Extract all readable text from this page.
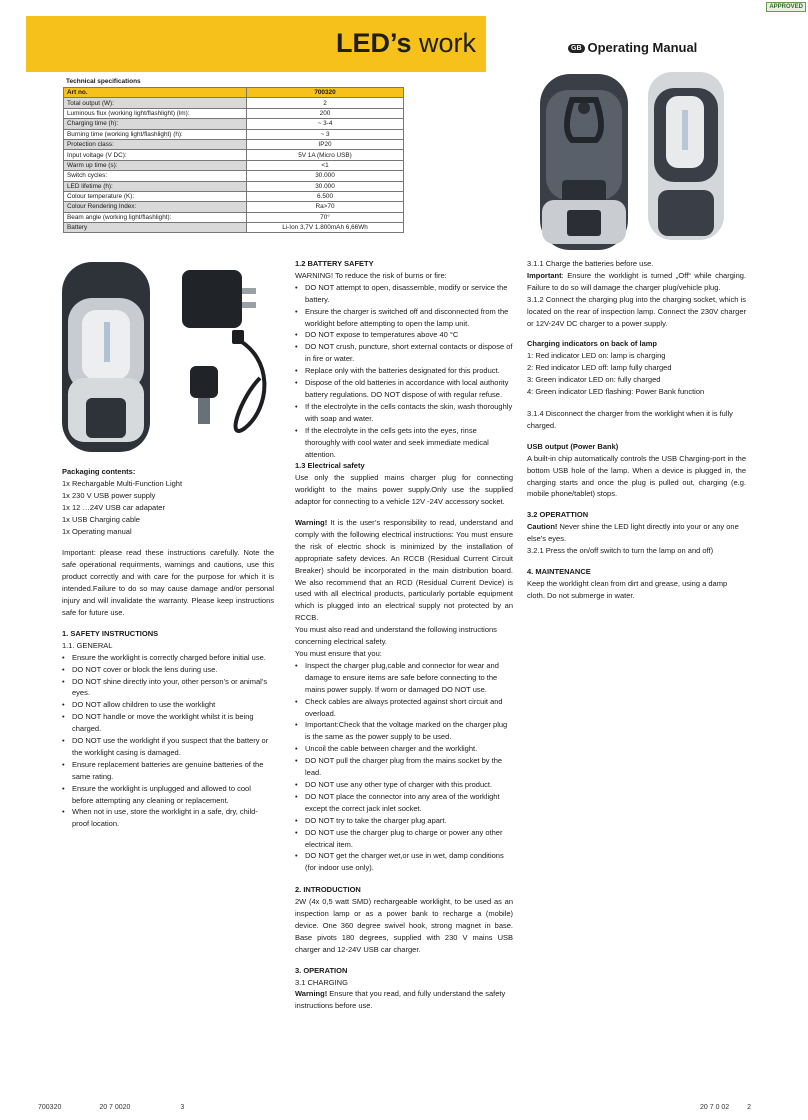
LED’s work
APPROVED
GB Operating Manual
Technical specifications
Art no.	700320
Total output (W):	2
Luminous flux (working light/flashlight) (lm):	200
Charging time (h):	~ 3-4
Burning time (working light/flashlight) (h):	~ 3
Protection class:	IP20
Input voltage (V DC):	5V 1A (Micro USB)
Warm up time (s):	<1
Switch cycles:	30.000
LED lifetime (h):	30.000
Colour temperature (K):	6.500
Colour Rendering Index:	Ra>70
Beam angle (working light/flashlight):	70°
Battery	Li-Ion 3,7V 1.800mAh 6,66Wh

Packaging contents:

1x Rechargable Multi-Function Light
1x 230 V USB power supply
1x 12 …24V USB car adapater
1x USB Charging cable
1x Operating manual

Important: please read these instructions carefully. Note the safe operational requirments, warnings and cautions, use this product correctly and with care for the purpose for which it is intended.Failure to do so may cause damage and/or personal injury and will invalidate the warranty. Please keep instructions safe for future use.

1. SAFETY INSTRUCTIONS

1.1. GENERAL

• Ensure the worklight is correctly charged before initial use.
• DO NOT cover or block the lens during use.
• DO NOT shine directly into your, other person’s or animal’s eyes.
• DO NOT allow children to use the worklight
• DO NOT handle or move the worklight whilst it is being charged.
• DO NOT use the worklight if you suspect that the battery or the worklight casing is damaged.
• Ensure replacement batteries are genuine batteries of the same rating.
• Ensure the worklight is unplugged and allowed to cool before attempting any cleaning or replacement.
• When not in use, store the worklight in a safe, dry, child-proof location.

1.2 BATTERY SAFETY

WARNING! To reduce the risk of burns or fire:

• DO NOT attempt to open, disassemble, modify or service the battery.
• Ensure the charger is switched off and disconnected from the worklight before attempting to open the lamp unit.
• DO NOT expose to temperatures above 40 °C
• DO NOT crush, puncture, short external contacts or dispose of in fire or water.
• Replace only with the batteries designated for this product.
• Dispose of the old batteries in accordance with local authority battery regulations. DO NOT dispose of with regular refuse.
• If the electrolyte in the cells contacts the skin, wash thoroughly with soap and water.
• If the electrolyte in the cells gets into the eyes, rinse thoroughly with cool water and seek immediate medical attention.

1.3 Electrical safety

Use only the supplied mains charger plug for connecting worklight to the mains power supply.Only use the supplied adaptor for connecting to a vehicle 12V -24V accessory socket.

Warning! It is the user’s responsibility to read, understand and comply with the following electrical instructions: You must ensure the risk of electric shock is minimized by the installation of appropriate safety devices. An RCCB (Residual Current Circuit Breaker) should be incorporated in the main distribution board. We also recommend that an RCD (Residual Current Device) is used with all electrical products, particularly portable equipment which is plugged into an electrical supply not protected by an RCCB.

You must also read and understand the following instructions concerning electrical safety.

You must ensure that you:

• Inspect the charger plug,cable and connector for wear and damage to ensure items are safe before connecting to the mains power supply. If worn or damaged DO NOT use.
• Check cables are always protected against short circuit and overload.
• Important:Check that the voltage marked on the charger plug is the same as the power supply to be used.
• Uncoil the cable between charger and the worklight.
• DO NOT pull the charger plug from the mains socket by the lead.
• DO NOT use any other type of charger with this product.
• DO NOT place the connector into any area of the worklight except the correct jack inlet socket.
• DO NOT try to take the charger plug apart.
• DO NOT use the charger plug to charge or power any other electrical item.
• DO NOT get the charger wet,or use in wet, damp conditions (for indoor use only).

2. INTRODUCTION

2W (4x 0,5 watt SMD) rechargeable worklight, to be used as an inspection lamp or as a power bank to recharge a (mobile) device. One 360 degree swivel hook, strong magnet in base. Base pivots 180 degrees, supplied with 230 V mains USB charger and 12-24V USB car charger.

3. OPERATION

3.1 CHARGING

Warning! Ensure that you read, and fully understand the safety instructions before use.

3.1.1 Charge the batteries before use.

Important: Ensure the worklight is turned „Off“ while charging. Failure to do so will damage the charger plug/vehicle plug.

3.1.2 Connect the charging plug into the charging socket, which is located on the rear of inspection lamp. Connect the 230V charger or 12V-24V DC charger to a power supply.

Charging indicators on back of lamp

1: Red indicator LED on: lamp is charging
2: Red indicator LED off: lamp fully charged
3: Green indicator LED on: fully charged
4: Green indicator LED flashing: Power Bank function

3.1.4 Disconnect the charger from the worklight when it is fully charged.

USB output (Power Bank)

A built-in chip automatically controls the USB Charging-port in the bottom USB hole of the lamp. When a device is plugged in, the charging starts and once the plug is pulled out, charging (e.g. mobile phone/tablet) stops.

3.2 OPERATTION

Caution! Never shine the LED light directly into your or any one else’s eyes.

3.2.1 Press the on/off switch to turn the lamp on and off)

4. MAINTENANCE

Keep the worklight clean from dirt and grease, using a damp cloth. Do not submerge in water.

700320	20 7 0020	3	20 7 0 02	2
